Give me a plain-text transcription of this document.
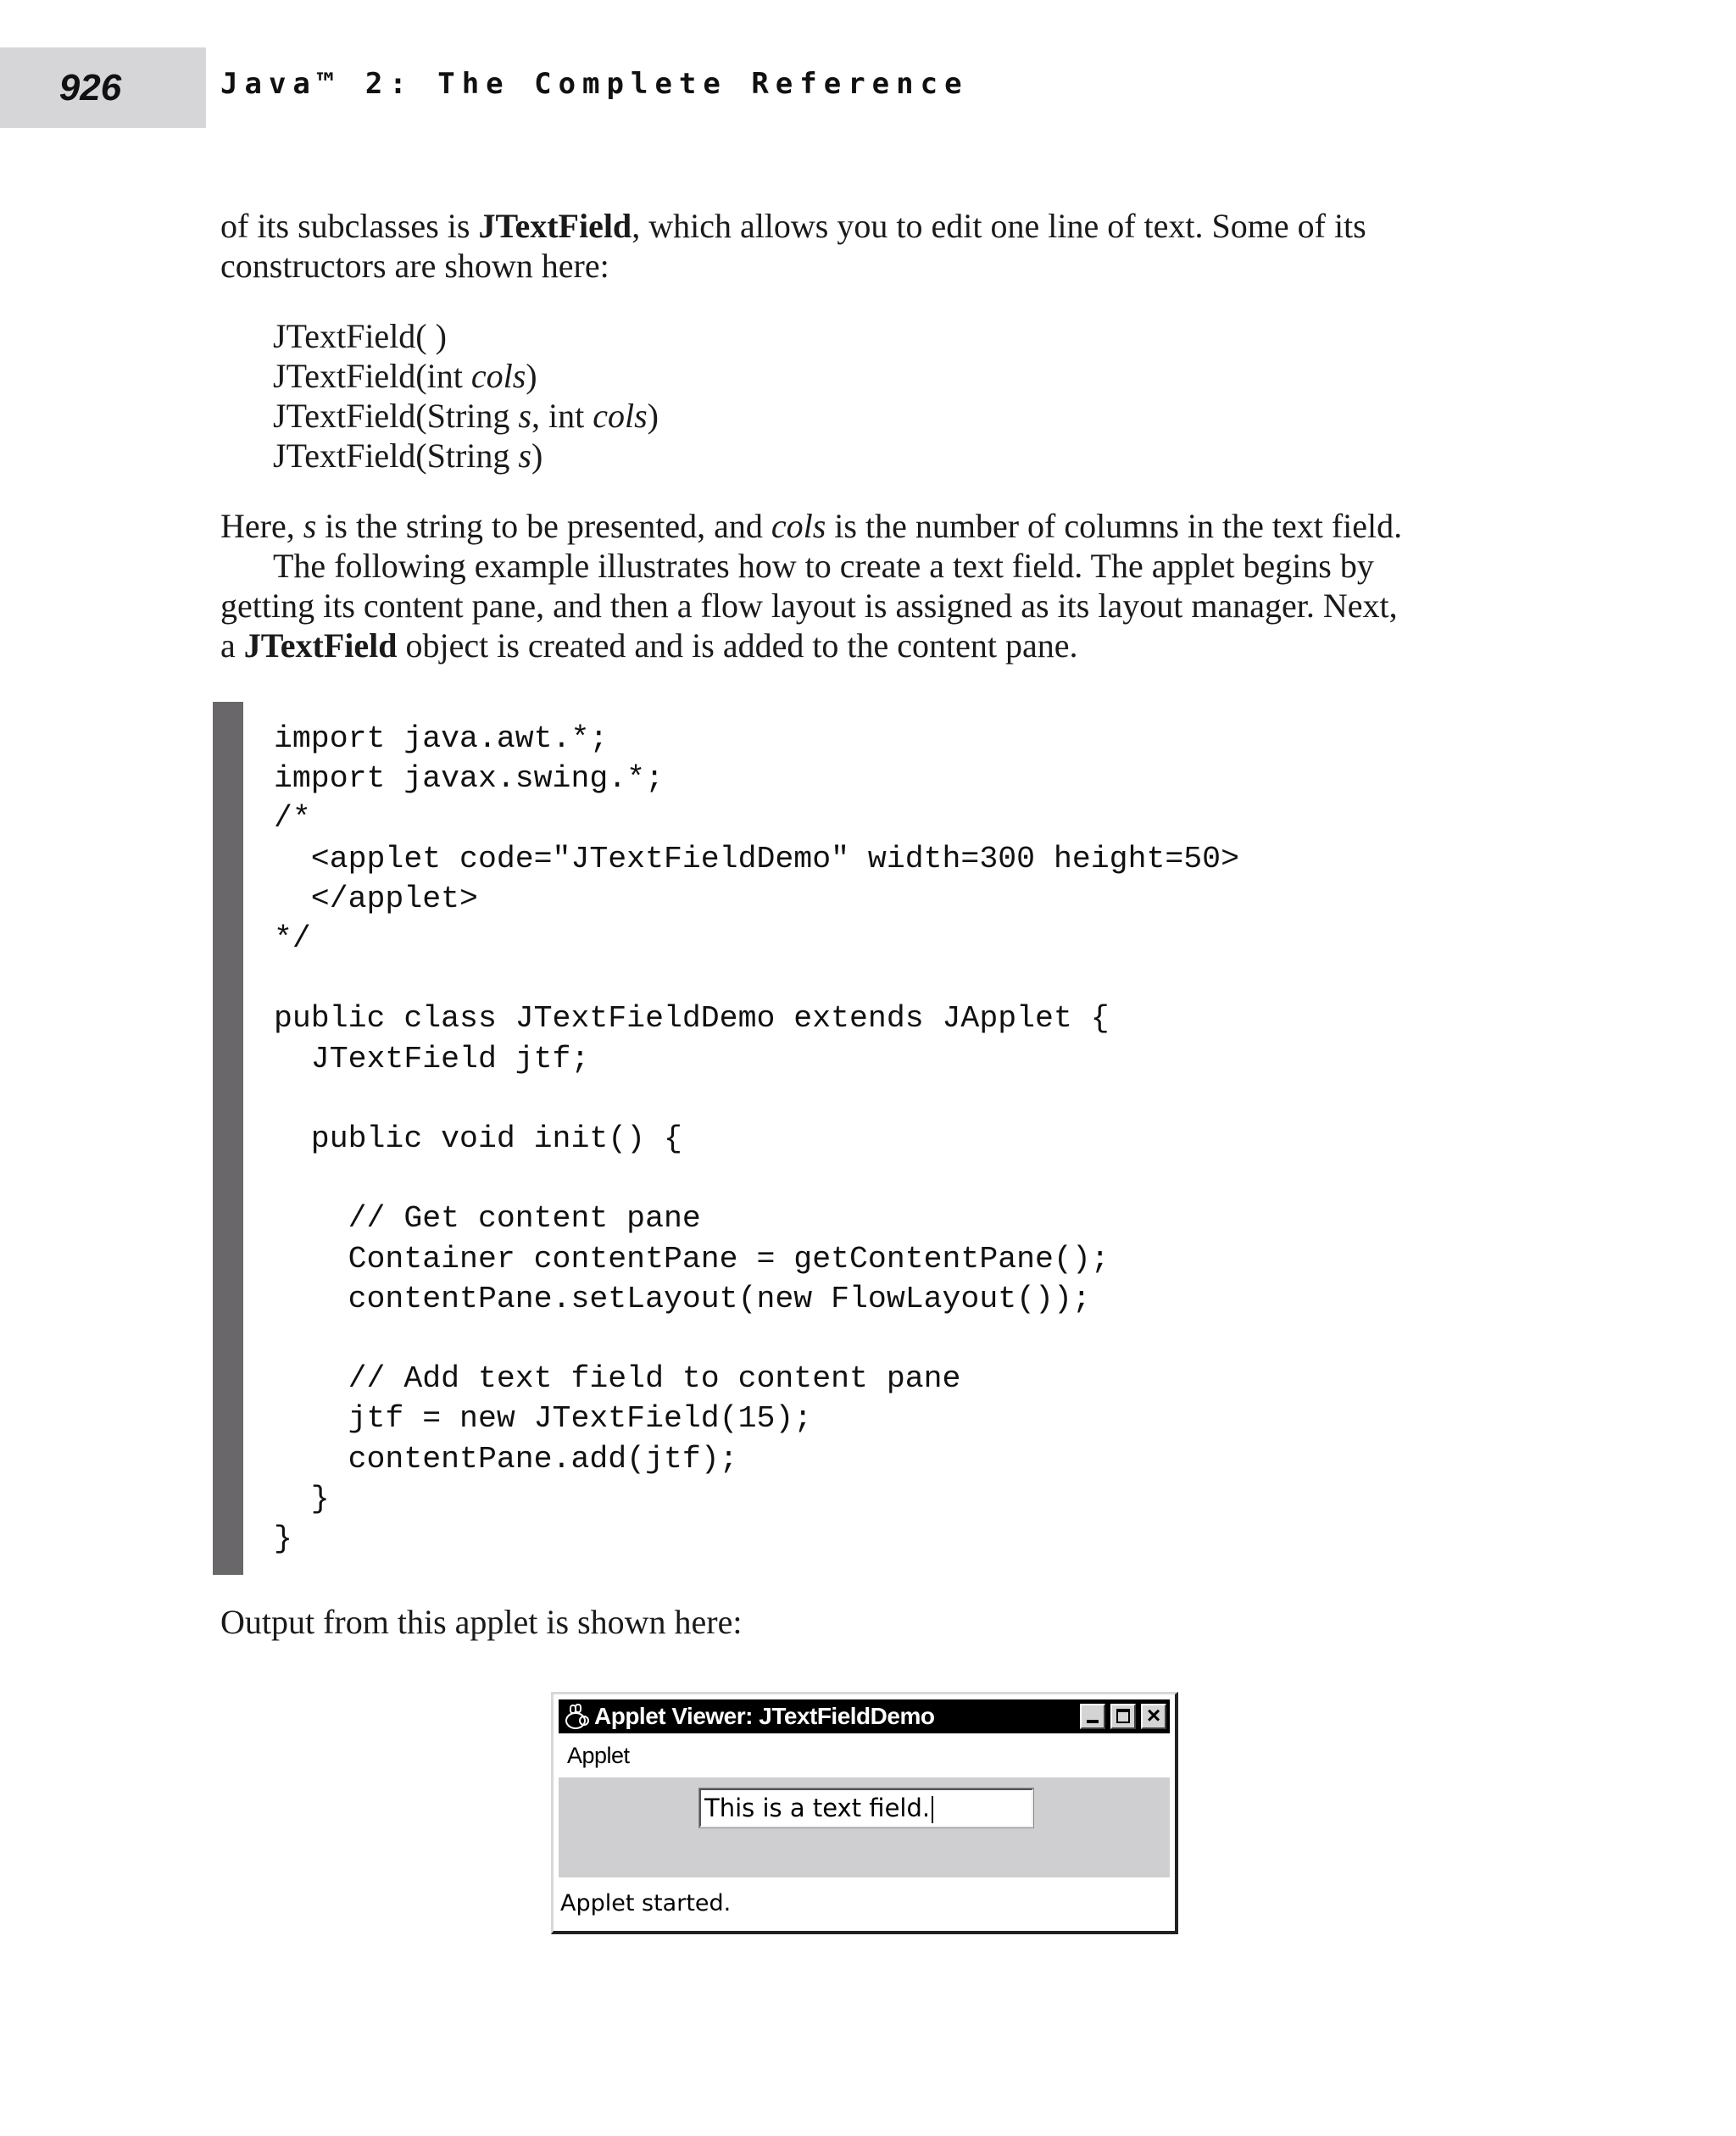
926	Java™ 2: The Complete Reference
of its subclasses is JTextField, which allows you to edit one line of text. Some of its
constructors are shown here:
JTextField( )
JTextField(int cols)
JTextField(String s, int cols)
JTextField(String s)
Here, s is the string to be presented, and cols is the number of columns in the text field.
The following example illustrates how to create a text field. The applet begins by
getting its content pane, and then a flow layout is assigned as its layout manager. Next,
a JTextField object is created and is added to the content pane.
import java.awt.*;
import javax.swing.*;
/*
<applet code="JTextFieldDemo" width=300 height=50>
</applet>
*/

public class JTextFieldDemo extends JApplet {
JTextField jtf;

public void init() {

// Get content pane
Container contentPane = getContentPane();
contentPane.setLayout(new FlowLayout());

// Add text field to content pane
jtf = new JTextField(15);
contentPane.add(jtf);
}
}
Output from this applet is shown here:
Applet Viewer: JTextFieldDemo	×
Applet
This is a text field.
Applet started.
